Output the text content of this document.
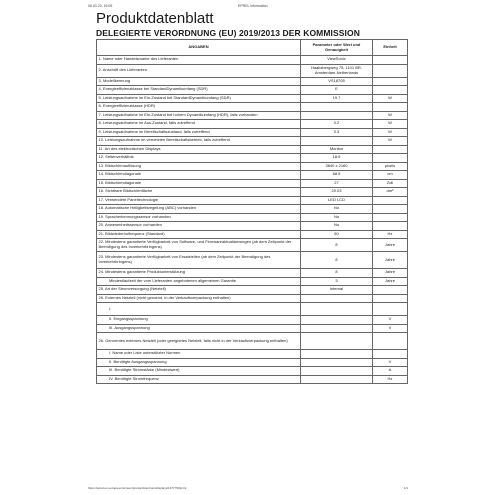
06.03.23, 15:05	EPREL information
Produktdatenblatt
DELEGIERTE VERORDNUNG (EU) 2019/2013 DER KOMMISSION
ANGABEN	Parameter oder Wert und Genauigkeit	Einheit
1. Name oder Handelsmarke des Lieferanten	ViewSonic	
2. Anschrift des Lieferanten	Haaksbergweg 75, 1101 BR, Amsterdam-Netherlands	
3. Modellkennung	VS18705	
4. Energieeffizienzklasse bei StandardDynamikumfang (SDR)	E	
5. Leistungsaufnahme im Ein-Zustand bei StandardDynamikumfang (SDR)	19.7	W
6. Energieeffizienzklasse (HDR)		
7. Leistungsaufnahme im Ein-Zustand bei hohem Dynamikumfang (HDR), falls vorhanden		W
8. Leistungsaufnahme im Aus-Zustand, falls zutreffend	0.2	W
9. Leistungsaufnahme im Bereitschaftszustand, falls zutreffend	0.3	W
10. Leistungsaufnahme im vernetzten Bereitschaftsbetrieb, falls zutreffend		W
11. Art des elektronischen Displays	Monitor	
12. Seitenverhältnis	16:9	
13. Bildschirmauflösung	3840 x 2160	pixels
14. Bildschirmdiagonale	68.5	cm
15. Bildschirmdiagonale	27	Zoll
16. Sichtbare Bildschirmfläche	20.03	dm²
17. Verwendete Paneltechnologie	LED LCD	
18. Automatische Helligkeitsregelung (ABC) vorhanden	No	
19. Spracherkennungssensor vorhanden	No	
20. Anwesenheitssensor vorhanden	No	
21. Bildwiederholfrequenz (Standard)	60	Hz
22. Mindestens garantierte Verfügbarkeit von Software- und Firmwareaktualisierungen (ab dem Zeitpunkt der Beendigung des Inverkehrbringens)	8	Jahre
23. Mindestens garantierte Verfügbarkeit von Ersatzteilen (ab dem Zeitpunkt der Beendigung des Inverkehrbringens)	8	Jahre
24. Mindestens garantierte Produktunterstützung	8	Jahre
Mindestlaufzeit der vom Lieferanten angebotenen allgemeinen Garantie	3	Jahre
25. Art der Stromversorgung (Netzteil)	Internal	
26. Externes Netzteil (nicht genormt, in der Verkaufsverpackung enthalten)		
I.		
II. Eingangsspannung		V
III. Ausgangsspannung		V
26. Genormtes externes Netzteil (oder geeignetes Netzteil, falls nicht in der Verkaufsverpackung enthalten)		
I. Name oder Liste unterstützter Normen		
II. Benötigte Ausgangsspannung		V
III. Benötigte Stromstärke (Mindestwert)		A
IV. Benötigte Stromfrequenz		Hz
https://eprel.ec.europa.eu/screen/product/electronicdisplays/1477790/print	1/1
